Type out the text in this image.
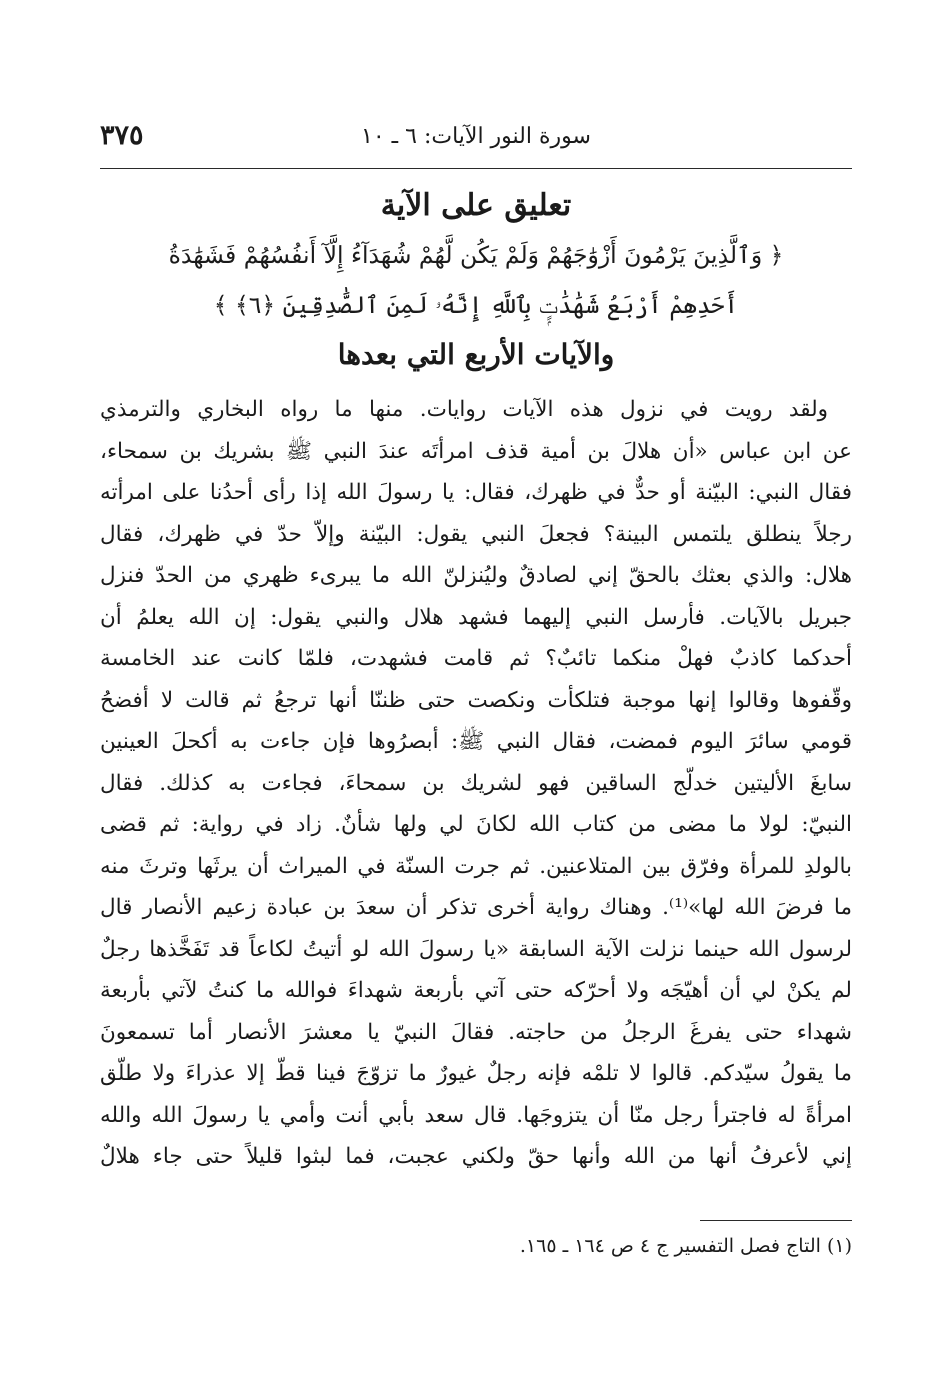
٣٧٥	سورة النور الآيات: ٦ ـ ١٠
تعليق على الآية
﴿ وَٱلَّذِينَ يَرْمُونَ أَزْوَٰجَهُمْ وَلَمْ يَكُن لَّهُمْ شُهَدَآءُ إِلَّآ أَنفُسُهُمْ فَشَهَٰدَةُ
أَحَدِهِمْ أَرْبَعُ شَهَٰدَٰتٍۭ بِٱللَّهِ إِنَّهُۥ لَمِنَ ٱلصَّٰدِقِينَ ﴿٦﴾ ﴾
والآيات الأربع التي بعدها
ولقد رويت في نزول هذه الآيات روايات. منها ما رواه البخاري والترمذي
عن ابن عباس «أن هلالَ بن أمية قذف امرأتَه عندَ النبي ﷺ بشريك بن سمحاء،
فقال النبي: البيّنة أو حدٌّ في ظهرك، فقال: يا رسولَ الله إذا رأى أحدُنا على امرأته
رجلاً ينطلق يلتمس البينة؟ فجعلَ النبي يقول: البيّنة وإلاّ حدّ في ظهرك، فقال
هلال: والذي بعثك بالحقّ إني لصادقٌ وليُنزلنّ الله ما يبرىء ظهري من الحدّ فنزل
جبريل بالآيات. فأرسل النبي إليهما فشهد هلال والنبي يقول: إن الله يعلمُ أن
أحدكما كاذبٌ فهلْ منكما تائبٌ؟ ثم قامت فشهدت، فلمّا كانت عند الخامسة
وقّفوها وقالوا إنها موجبة فتلكأت ونكصت حتى ظننّا أنها ترجعُ ثم قالت لا أفضحُ
قومي سائرَ اليوم فمضت، فقال النبي ﷺ: أبصرُوها فإن جاءت به أكحلَ العينين
سابغَ الأليتين خدلّج الساقين فهو لشريك بن سمحاءَ، فجاءت به كذلك. فقال
النبيّ: لولا ما مضى من كتاب الله لكانَ لي ولها شأنٌ. زاد في رواية: ثم قضى
بالولدِ للمرأة وفرّق بين المتلاعنين. ثم جرت السنّة في الميراث أن يرثَها وترثَ منه
ما فرضَ الله لها»⁽¹⁾. وهناك رواية أخرى تذكر أن سعدَ بن عبادة زعيم الأنصار قال
لرسول الله حينما نزلت الآية السابقة «يا رسولَ الله لو أتيتُ لكاعاً قد تَفَخَّذها رجلٌ
لم يكنْ لي أن أهيّجَه ولا أحرّكه حتى آتي بأربعة شهداءَ فوالله ما كنتُ لآتي بأربعة
شهداء حتى يفرغَ الرجلُ من حاجته. فقالَ النبيّ يا معشرَ الأنصار أما تسمعونَ
ما يقولُ سيّدكم. قالوا لا تلمْه فإنه رجلٌ غيورٌ ما تزوّجَ فينا قطّ إلا عذراءَ ولا طلّق
امرأةً له فاجترأ رجل منّا أن يتزوجَها. قال سعد بأبي أنت وأمي يا رسولَ الله والله
إني لأعرفُ أنها من الله وأنها حقّ ولكني عجبت، فما لبثوا قليلاً حتى جاء هلالٌ
(١) التاج فصل التفسير ج ٤ ص ١٦٤ ـ ١٦٥.
